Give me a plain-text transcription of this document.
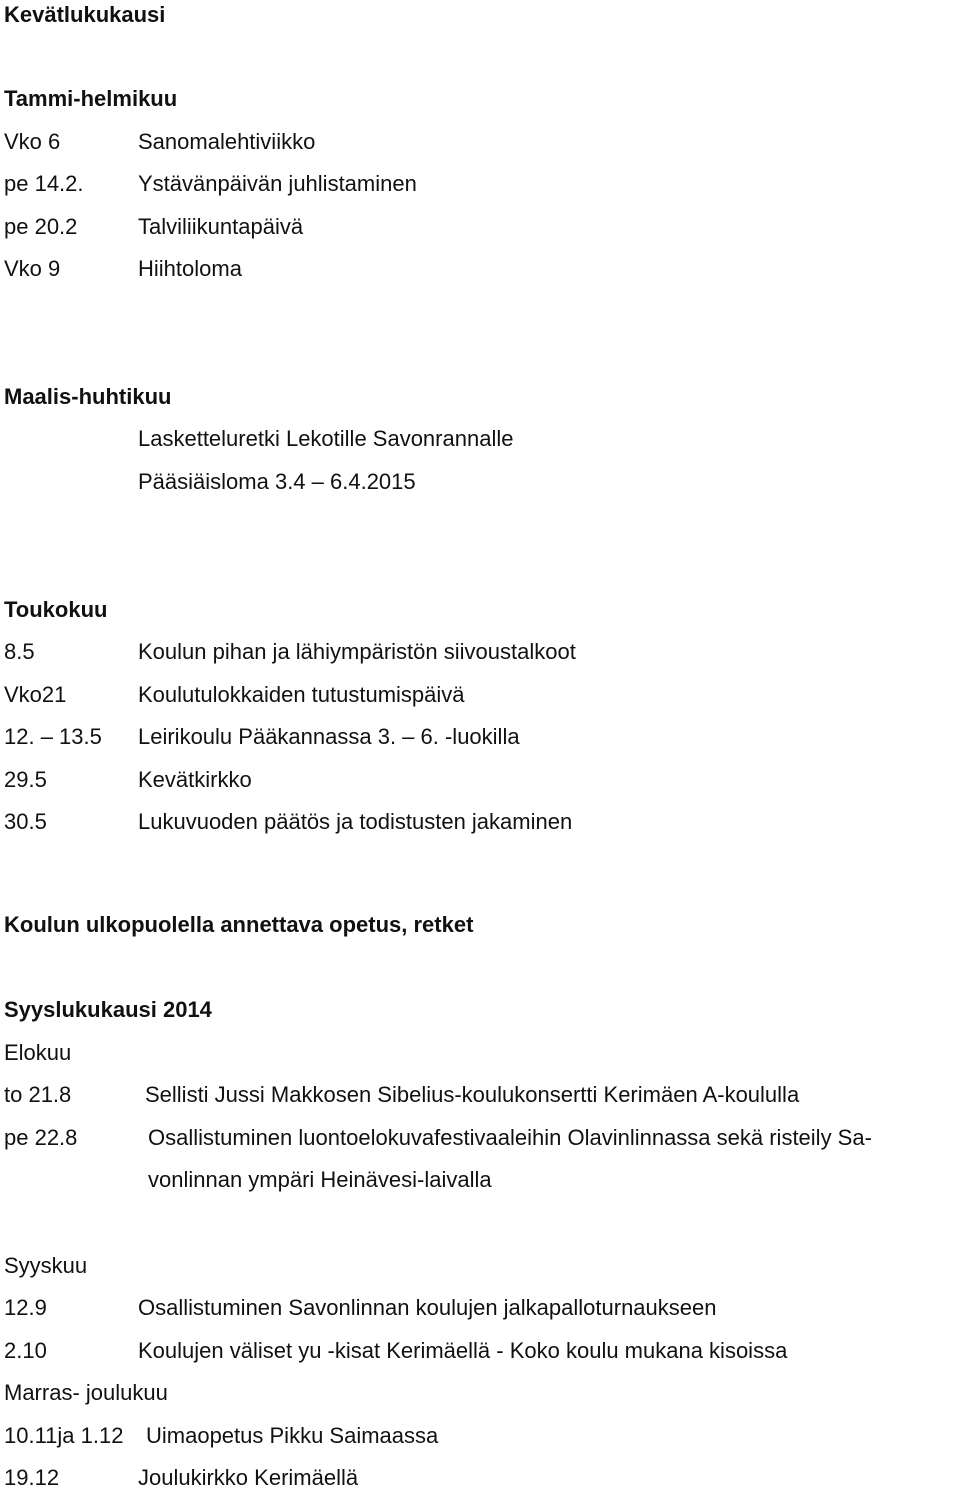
Kevätlukukausi
Tammi-helmikuu
Vko 6	Sanomalehtiviikko
pe 14.2. Ystävänpäivän juhlistaminen
pe 20.2	Talviliikuntapäivä
Vko 9	Hiihtoloma
Maalis-huhtikuu
Lasketteluretki Lekotille Savonrannalle
Pääsiäisloma 3.4 – 6.4.2015
Toukokuu
8.5	Koulun pihan ja lähiympäristön siivoustalkoot
Vko21	Koulutulokkaiden tutustumispäivä
12. – 13.5 Leirikoulu Pääkannassa 3. – 6. -luokilla
29.5	Kevätkirkko
30.5	Lukuvuoden päätös ja todistusten jakaminen
Koulun ulkopuolella annettava opetus, retket
Syyslukukausi 2014
Elokuu
to 21.8	Sellisti Jussi Makkosen Sibelius-koulukonsertti Kerimäen A-koululla
pe 22.8	Osallistuminen luontoelokuvafestivaaleihin Olavinlinnassa sekä risteily Sa-
vonlinnan ympäri Heinävesi-laivalla
Syyskuu
12.9	Osallistuminen Savonlinnan koulujen jalkapalloturnaukseen
2.10	Koulujen väliset yu -kisat Kerimäellä - Koko koulu mukana kisoissa
Marras- joulukuu
10.11ja 1.12 Uimaopetus Pikku Saimaassa
19.12	Joulukirkko Kerimäellä
